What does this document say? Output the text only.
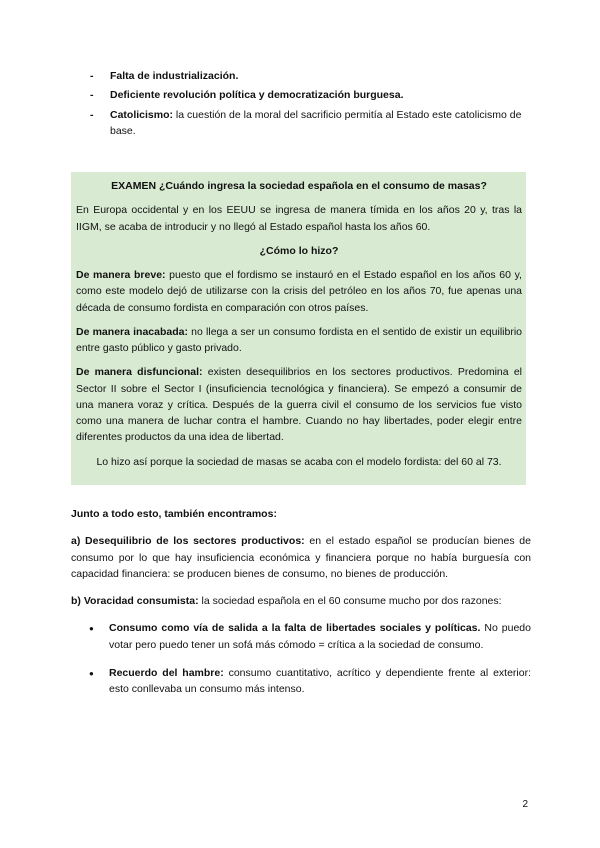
- Falta de industrialización.
- Deficiente revolución política y democratización burguesa.
- Catolicismo: la cuestión de la moral del sacrificio permitía al Estado este catolicismo de base.

EXAMEN ¿Cuándo ingresa la sociedad española en el consumo de masas?

En Europa occidental y en los EEUU se ingresa de manera tímida en los años 20 y, tras la IIGM, se acaba de introducir y no llegó al Estado español hasta los años 60.

¿Cómo lo hizo?

De manera breve: puesto que el fordismo se instauró en el Estado español en los años 60 y, como este modelo dejó de utilizarse con la crisis del petróleo en los años 70, fue apenas una década de consumo fordista en comparación con otros países.

De manera inacabada: no llega a ser un consumo fordista en el sentido de existir un equilibrio entre gasto público y gasto privado.

De manera disfuncional: existen desequilibrios en los sectores productivos. Predomina el Sector II sobre el Sector I (insuficiencia tecnológica y financiera). Se empezó a consumir de una manera voraz y crítica. Después de la guerra civil el consumo de los servicios fue visto como una manera de luchar contra el hambre. Cuando no hay libertades, poder elegir entre diferentes productos da una idea de libertad.

Lo hizo así porque la sociedad de masas se acaba con el modelo fordista: del 60 al 73.

Junto a todo esto, también encontramos:

a) Desequilibrio de los sectores productivos: en el estado español se producían bienes de consumo por lo que hay insuficiencia económica y financiera porque no había burguesía con capacidad financiera: se producen bienes de consumo, no bienes de producción.

b) Voracidad consumista: la sociedad española en el 60 consume mucho por dos razones:

● Consumo como vía de salida a la falta de libertades sociales y políticas. No puedo votar pero puedo tener un sofá más cómodo = crítica a la sociedad de consumo.
● Recuerdo del hambre: consumo cuantitativo, acrítico y dependiente frente al exterior: esto conllevaba un consumo más intenso.
2
